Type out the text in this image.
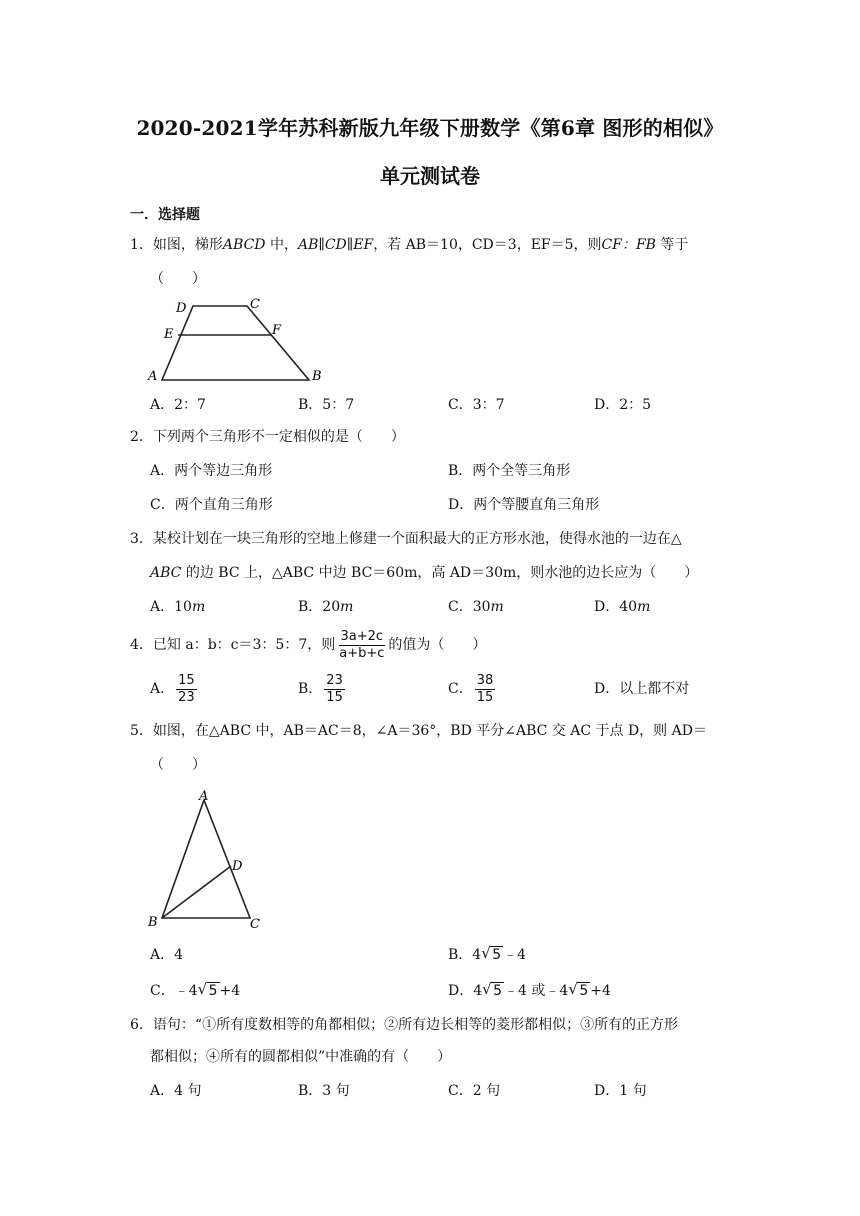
2020-2021学年苏科新版九年级下册数学《第6章 图形的相似》
单元测试卷
一．选择题
1．如图，梯形ABCD 中，AB∥CD∥EF，若 AB＝10，CD＝3，EF＝5，则CF：FB 等于
（　　）
A	B
C
D
E	F
A．2：7	B．5：7	C．3：7	D．2：5
2．下列两个三角形不一定相似的是（　　）
A．两个等边三角形	B．两个全等三角形
C．两个直角三角形	D．两个等腰直角三角形
3．某校计划在一块三角形的空地上修建一个面积最大的正方形水池，使得水池的一边在△
ABC 的边 BC 上，△ABC 中边 BC＝60m，高 AD＝30m，则水池的边长应为（　　）
A．10m	B．20m	C．30m	D．40m
4．已知 a：b：c＝3：5：7，则 $\frac{3a+2c}{a+b+c}$ 的值为（　　）
A． $\frac{15}{23}$	B． $\frac{23}{15}$	C． $\frac{38}{15}$	D．以上都不对
5．如图，在△ABC 中，AB＝AC＝8，∠A＝36°，BD 平分∠ABC 交 AC 于点 D，则 AD＝
（　　）
A
B	C
D
A．4	B．4 √ 5 ﹣4
C．﹣4 √ 5 +4	D．4 √ 5 ﹣4 或﹣4 √ 5 +4
6．语句：“①所有度数相等的角都相似；②所有边长相等的菱形都相似；③所有的正方形
都相似；④所有的圆都相似”中准确的有（　　）
A．4 句	B．3 句	C．2 句	D．1 句
